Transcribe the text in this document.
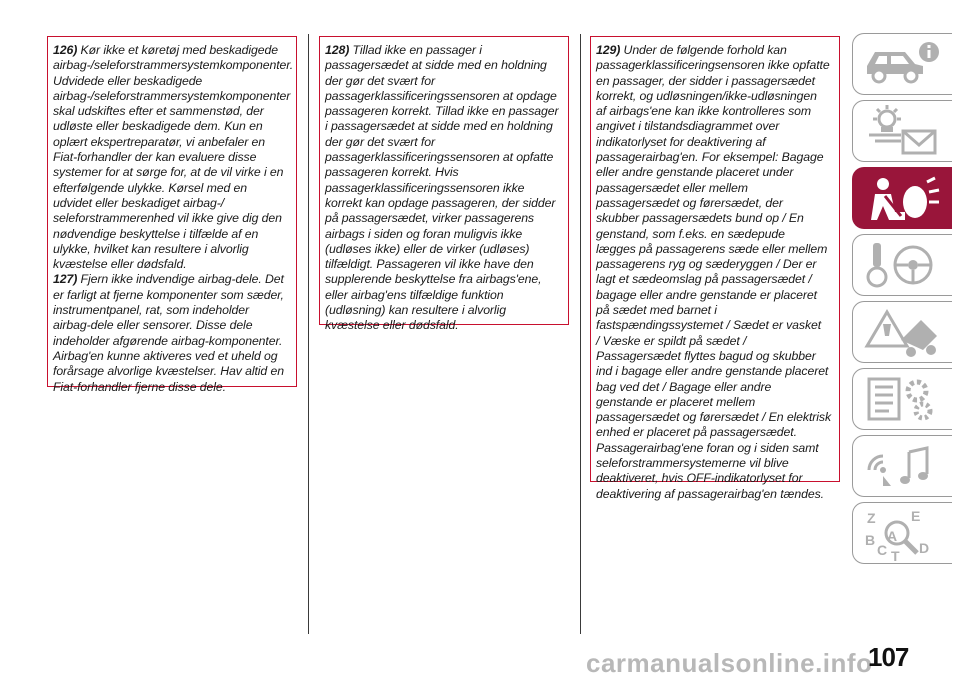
126) Kør ikke et køretøj med beskadigede
airbag-/seleforstrammersystemkomponenter.
Udvidede eller beskadigede
airbag-/seleforstrammersystemkomponenter
skal udskiftes efter et sammenstød, der
udløste eller beskadigede dem. Kun en
oplært ekspertreparatør, vi anbefaler en
Fiat-forhandler der kan evaluere disse
systemer for at sørge for, at de vil virke i en
efterfølgende ulykke. Kørsel med en
udvidet eller beskadiget airbag-/
seleforstrammerenhed vil ikke give dig den
nødvendige beskyttelse i tilfælde af en
ulykke, hvilket kan resultere i alvorlig
kvæstelse eller dødsfald.
127) Fjern ikke indvendige airbag-dele. Det
er farligt at fjerne komponenter som sæder,
instrumentpanel, rat, som indeholder
airbag-dele eller sensorer. Disse dele
indeholder afgørende airbag-komponenter.
Airbag'en kunne aktiveres ved et uheld og
forårsage alvorlige kvæstelser. Hav altid en
Fiat-forhandler fjerne disse dele.

128) Tillad ikke en passager i
passagersædet at sidde med en holdning
der gør det svært for
passagerklassificeringssensoren at opdage
passageren korrekt. Tillad ikke en passager
i passagersædet at sidde med en holdning
der gør det svært for
passagerklassificeringssensoren at opfatte
passageren korrekt. Hvis
passagerklassificeringssensoren ikke
korrekt kan opdage passageren, der sidder
på passagersædet, virker passagerens
airbags i siden og foran muligvis ikke
(udløses ikke) eller de virker (udløses)
tilfældigt. Passageren vil ikke have den
supplerende beskyttelse fra airbags'ene,
eller airbag'ens tilfældige funktion
(udløsning) kan resultere i alvorlig
kvæstelse eller dødsfald.

129) Under de følgende forhold kan
passagerklassificeringsensoren ikke opfatte
en passager, der sidder i passagersædet
korrekt, og udløsningen/ikke-udløsningen
af airbags'ene kan ikke kontrolleres som
angivet i tilstandsdiagrammet over
indikatorlyset for deaktivering af
passagerairbag'en. For eksempel: Bagage
eller andre genstande placeret under
passagersædet eller mellem
passagersædet og førersædet, der
skubber passagersædets bund op / En
genstand, som f.eks. en sædepude
lægges på passagerens sæde eller mellem
passagerens ryg og sæderyggen / Der er
lagt et sædeomslag på passagersædet /
bagage eller andre genstande er placeret
på sædet med barnet i
fastspændingssystemet / Sædet er vasket
/ Væske er spildt på sædet /
Passagersædet flyttes bagud og skubber
ind i bagage eller andre genstande placeret
bag ved det / Bagage eller andre
genstande er placeret mellem
passagersædet og førersædet / En elektrisk
enhed er placeret på passagersædet.
Passagerairbag'ene foran og i siden samt
seleforstrammersystemerne vil blive
deaktiveret, hvis OFF-indikatorlyset for
deaktivering af passagerairbag'en tændes.

Z	E
B A
D
C T
carmanualsonline.info
107
